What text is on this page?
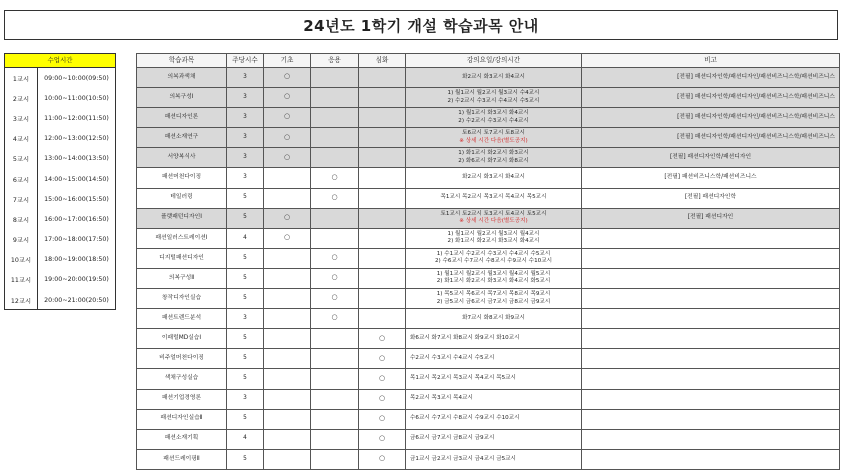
24년도 1학기 개설 학습과목 안내
수업시간
1교시	09:00~10:00(09:50)
2교시	10:00~11:00(10:50)
3교시	11:00~12:00(11:50)
4교시	12:00~13:00(12:50)
5교시	13:00~14:00(13:50)
6교시	14:00~15:00(14:50)
7교시	15:00~16:00(15:50)
8교시	16:00~17:00(16:50)
9교시	17:00~18:00(17:50)
10교시	18:00~19:00(18:50)
11교시	19:00~20:00(19:50)
12교시	20:00~21:00(20:50)
학습과목	주당시수	기초	응용	심화	강의요일/강의시간	비고
의복과색채	3	○			화2교시 화3교시 화4교시	[전필] 패션디자인학/패션디자인/패션비즈니스학/패션비즈니스
의복구성Ⅰ	3	○			1) 월1교시 월2교시 월3교시 수4교시
2) 수2교시 수3교시 수4교시 수5교시	[전필] 패션디자인학/패션디자인/패션비즈니스학/패션비즈니스
패션디자인론	3	○			1) 월1교시 화3교시 화4교시
2) 수2교시 수3교시 수4교시	[전필] 패션디자인학/패션디자인/패션비즈니스학/패션비즈니스
패션소재연구	3	○			토6교시 토7교시 토8교시
※ 상세 시간 다음(별도공지)	[전필] 패션디자인학/패션디자인/패션비즈니스학/패션비즈니스
서양복식사	3	○			1) 화1교시 화2교시 화3교시
2) 화6교시 화7교시 화8교시	[전필] 패션디자인학/패션디자인
패션머천다이징	3		○		화2교시 화3교시 화4교시	[전필] 패션비즈니스학/패션비즈니스
테일러링	5		○		목1교시 목2교시 목3교시 목4교시 목5교시	[전필] 패션디자인학
플랫패턴디자인Ⅰ	5	○			토1교시 토2교시 토3교시 토4교시 토5교시
※ 상세 시간 다음(별도공지)	[전필] 패션디자인
패션일러스트레이션Ⅰ	4	○			1) 월1교시 월2교시 월3교시 월4교시
2) 화1교시 화2교시 화3교시 화4교시	

디지털패션디자인	5		○		1) 수1교시 수2교시 수3교시 수4교시 수5교시
2) 수6교시 수7교시 수8교시 수9교시 수10교시	

의복구성Ⅱ	5		○		1) 월1교시 월2교시 월3교시 월4교시 월5교시
2) 화1교시 화2교시 화3교시 화4교시 화5교시	

창작디자인실습	5		○		1) 목5교시 목6교시 목7교시 목8교시 목9교시
2) 금5교시 금6교시 금7교시 금8교시 금9교시	

패션트렌드분석	3		○		화7교시 화8교시 화9교시	

이패럴MD실습Ⅰ	5			○	화6교시 화7교시 화8교시 화9교시 화10교시	

비주얼머천다이징	5			○	수2교시 수3교시 수4교시 수5교시	

색채구성실습	5			○	목1교시 목2교시 목3교시 목4교시 목5교시	

패션기업경영론	3			○	목2교시 목3교시 목4교시	

패션디자인실습Ⅱ	5			○	수6교시 수7교시 수8교시 수9교시 수10교시	

패션소재기획	4			○	금6교시 금7교시 금8교시 금9교시	

패션드레이핑Ⅱ	5			○	금1교시 금2교시 금3교시 금4교시 금5교시	
